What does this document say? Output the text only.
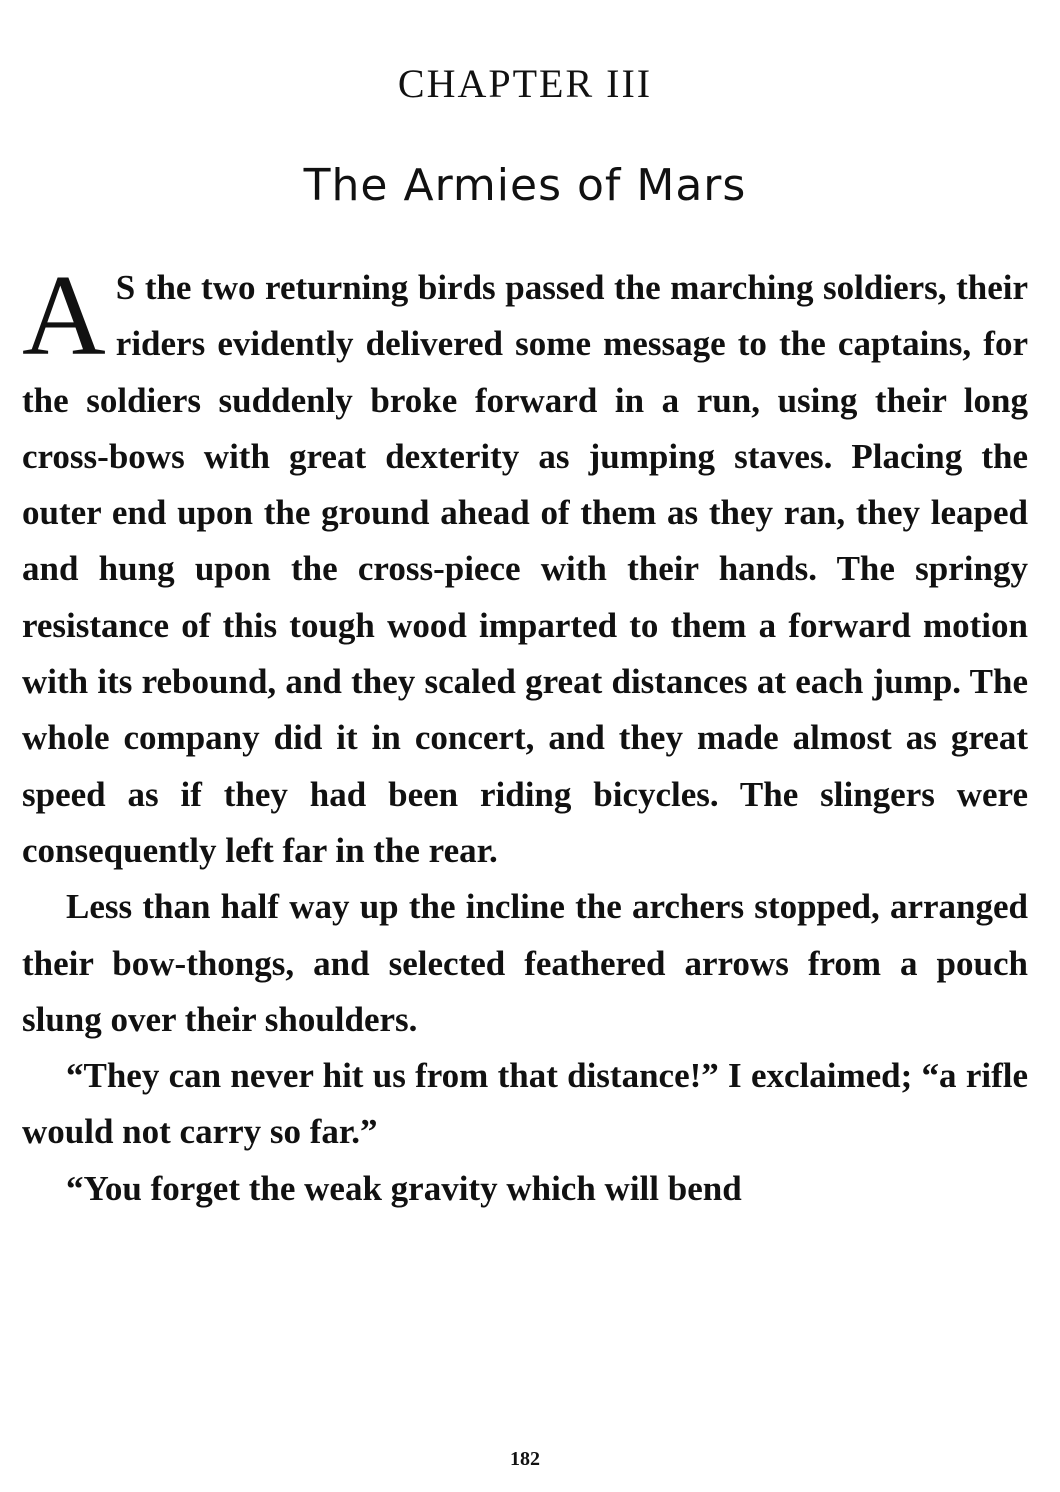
CHAPTER III
The Armies of Mars

A S the two returning birds passed the marching soldiers, their riders evidently delivered some message to the captains, for the soldiers suddenly broke forward in a run, using their long cross-bows with great dexterity as jumping staves. Placing the outer end upon the ground ahead of them as they ran, they leaped and hung upon the cross-piece with their hands. The springy resistance of this tough wood imparted to them a forward motion with its rebound, and they scaled great distances at each jump. The whole company did it in concert, and they made almost as great speed as if they had been riding bicycles. The slingers were consequently left far in the rear.

Less than half way up the incline the archers stopped, arranged their bow-thongs, and selected feathered arrows from a pouch slung over their shoulders.

“They can never hit us from that distance!” I exclaimed; “a rifle would not carry so far.”

“You forget the weak gravity which will bend

182
